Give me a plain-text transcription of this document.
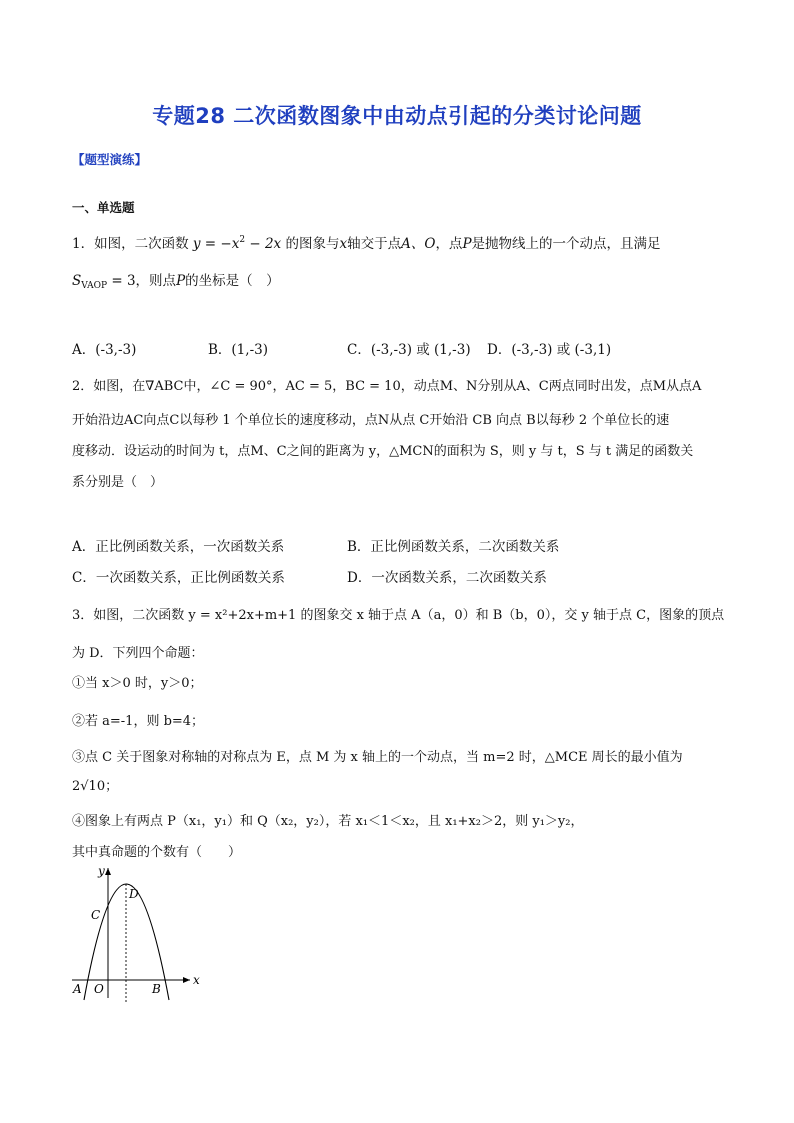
专题28 二次函数图象中由动点引起的分类讨论问题
【题型演练】
一、单选题
1．如图，二次函数 $y = -x^2 - 2x$ 的图象与x轴交于点A、O，点P是抛物线上的一个动点，且满足
$S_{VAOP} = 3$，则点P的坐标是（　）
A．(-3,-3)	B．(1,-3)	C．(-3,-3) 或 (1,-3) D．(-3,-3) 或 (-3,1)
2．如图，在∇ABC中，∠C = 90°，AC = 5，BC = 10，动点M、N分别从A、C两点同时出发，点M从点A
开始沿边AC向点C以每秒 1 个单位长的速度移动，点N从点 C开始沿 CB 向点 B以每秒 2 个单位长的速
度移动．设运动的时间为 t，点M、C之间的距离为 y，△MCN的面积为 S，则 y 与 t，S 与 t 满足的函数关
系分别是（　）
A．正比例函数关系，一次函数关系	B．正比例函数关系，二次函数关系
C．一次函数关系，正比例函数关系	D．一次函数关系，二次函数关系
3．如图，二次函数 y = x²+2x+m+1 的图象交 x 轴于点 A（a，0）和 B（b，0），交 y 轴于点 C，图象的顶点
为 D．下列四个命题：
①当 x＞0 时，y＞0；
②若 a=-1，则 b=4；
③点 C 关于图象对称轴的对称点为 E，点 M 为 x 轴上的一个动点，当 m=2 时，△MCE 周长的最小值为
2√10；
④图象上有两点 P（x₁，y₁）和 Q（x₂，y₂），若 x₁＜1＜x₂，且 x₁+x₂＞2，则 y₁＞y₂，
其中真命题的个数有（　　）
y
x
D
C
A O	B
